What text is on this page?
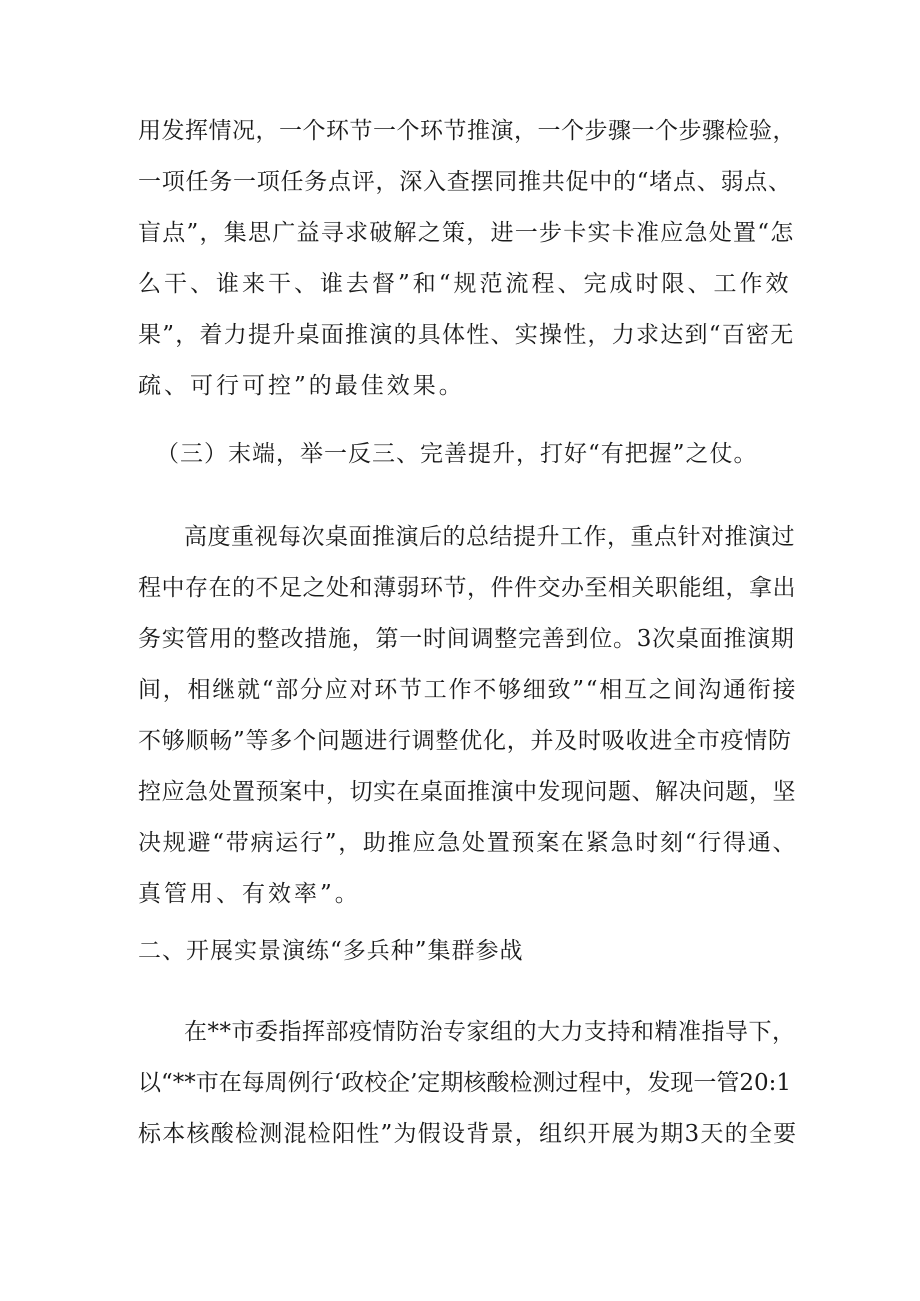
用发挥情况，一个环节一个环节推演，一个步骤一个步骤检验，
一项任务一项任务点评，深入查摆同推共促中的“堵点、弱点、
盲点”，集思广益寻求破解之策，进一步卡实卡准应急处置“怎
么干、谁来干、谁去督”和“规范流程、完成时限、工作效
果”，着力提升桌面推演的具体性、实操性，力求达到“百密无
疏、可行可控”的最佳效果。
（三）末端，举一反三、完善提升，打好“有把握”之仗。
高度重视每次桌面推演后的总结提升工作，重点针对推演过
程中存在的不足之处和薄弱环节，件件交办至相关职能组，拿出
务实管用的整改措施，第一时间调整完善到位。3次桌面推演期
间，相继就“部分应对环节工作不够细致”“相互之间沟通衔接
不够顺畅”等多个问题进行调整优化，并及时吸收进全市疫情防
控应急处置预案中，切实在桌面推演中发现问题、解决问题，坚
决规避“带病运行”，助推应急处置预案在紧急时刻“行得通、
真管用、有效率”。
二、开展实景演练“多兵种”集群参战
在**市委指挥部疫情防治专家组的大力支持和精准指导下，
以“**市在每周例行‘政校企’定期核酸检测过程中，发现一管20:1
标本核酸检测混检阳性”为假设背景，组织开展为期3天的全要
